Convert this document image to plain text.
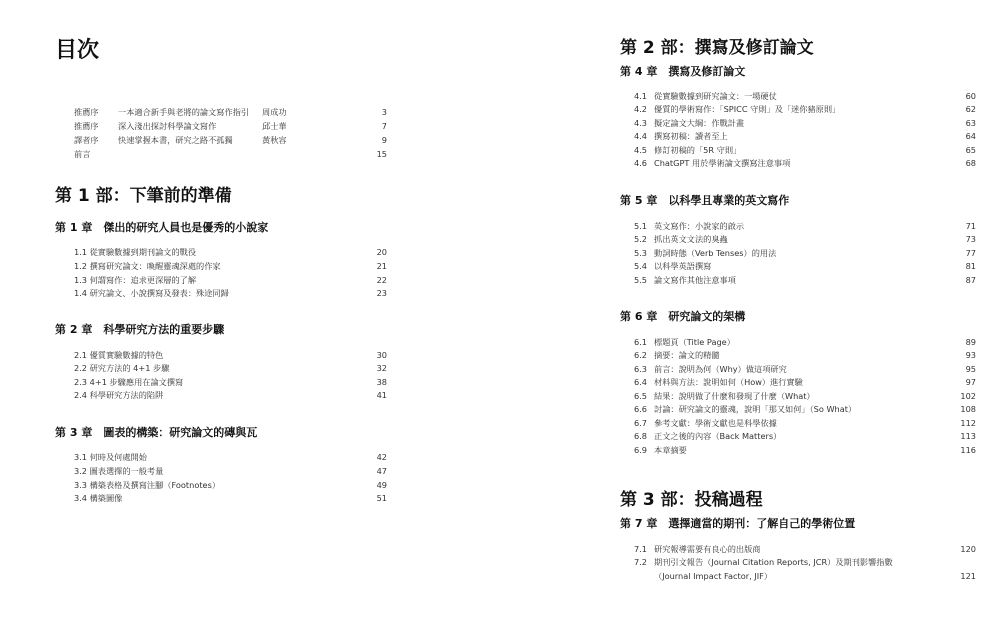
目次
推薦序 一本適合新手與老將的論文寫作指引 周成功	3
推薦序 深入淺出探討科學論文寫作	邱士華	7
譯者序 快速掌握本書，研究之路不孤獨	黃秋容	9
前言	15
第 1 部：下筆前的準備
第 1 章　傑出的研究人員也是優秀的小說家
1.1 從實驗數據到期刊論文的戰役	20
1.2 撰寫研究論文：喚醒靈魂深處的作家	21
1.3 何謂寫作：追求更深層的了解	22
1.4 研究論文、小說撰寫及發表：殊途同歸	23
第 2 章　科學研究方法的重要步驟
2.1 優質實驗數據的特色	30
2.2 研究方法的 4+1 步驟	32
2.3 4+1 步驟應用在論文撰寫	38
2.4 科學研究方法的陷阱	41
第 3 章　圖表的構築：研究論文的磚與瓦
3.1 何時及何處開始	42
3.2 圖表選擇的一般考量	47
3.3 構築表格及撰寫注腳（Footnotes）	49
3.4 構築圖像	51
第 2 部：撰寫及修訂論文
第 4 章　撰寫及修訂論文
4.1 從實驗數據到研究論文：一場硬仗	60
4.2 優質的學術寫作：「SPICC 守則」及「迷你豬原則」	62
4.3 擬定論文大綱：作戰計畫	63
4.4 撰寫初稿：讀者至上	64
4.5 修訂初稿的「5R 守則」	65
4.6 ChatGPT 用於學術論文撰寫注意事項	68
第 5 章　以科學且專業的英文寫作
5.1 英文寫作：小說家的啟示	71
5.2 抓出英文文法的臭蟲	73
5.3 動詞時態（Verb Tenses）的用法	77
5.4 以科學英語撰寫	81
5.5 論文寫作其他注意事項	87
第 6 章　研究論文的架構
6.1 標題頁（Title Page）	89
6.2 摘要：論文的精髓	93
6.3 前言：說明為何（Why）做這項研究	95
6.4 材料與方法：說明如何（How）進行實驗	97
6.5 結果：說明做了什麼和發現了什麼（What）	102
6.6 討論：研究論文的靈魂，說明「那又如何」（So What）	108
6.7 參考文獻：學術文獻也是科學依據	112
6.8 正文之後的內容（Back Matters）	113
6.9 本章摘要	116
第 3 部：投稿過程
第 7 章　選擇適當的期刊：了解自己的學術位置
7.1 研究報導需要有良心的出版商	120
7.2 期刊引文報告（Journal Citation Reports, JCR）及期刊影響指數
（Journal Impact Factor, JIF）	121
